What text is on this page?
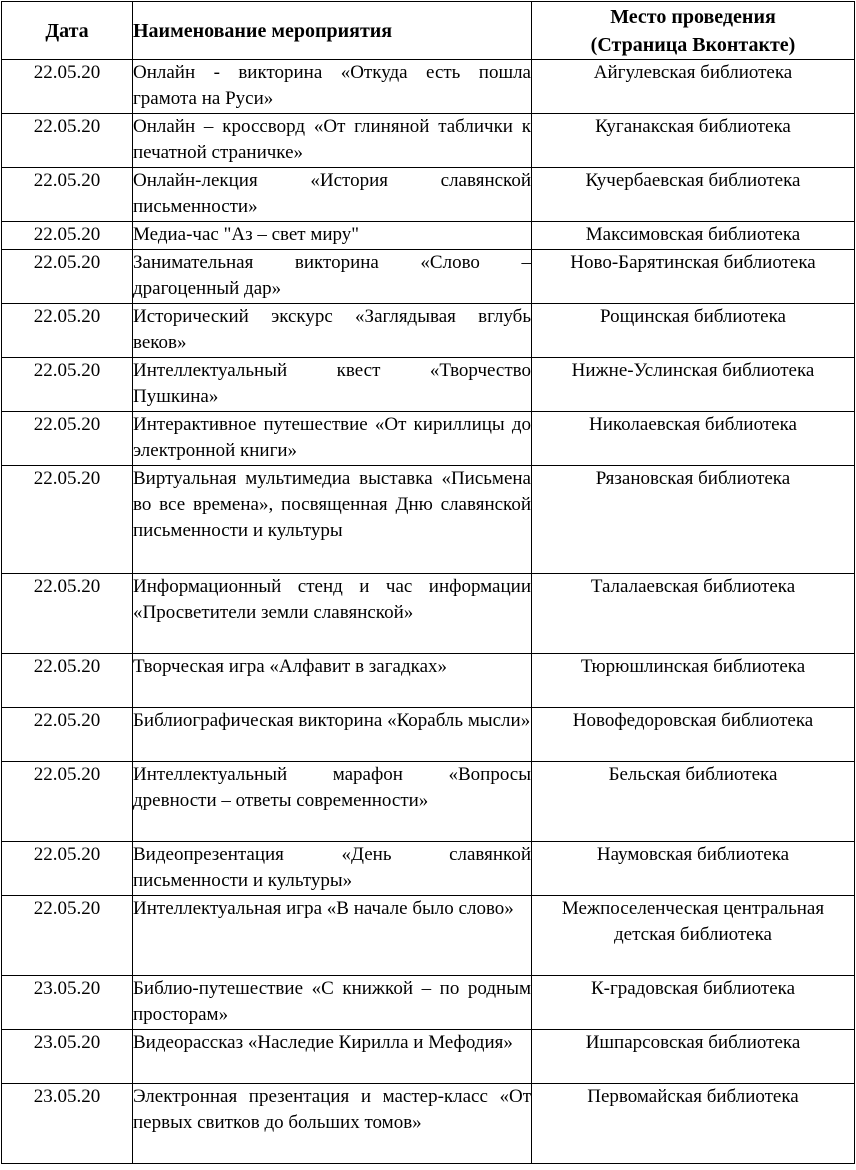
Дата	Наименование мероприятия	Место проведения
(Страница Вконтакте)
22.05.20	Онлайн - викторина «Откуда есть пошла грамота на Руси»	Айгулевская библиотека
22.05.20	Онлайн – кроссворд «От глиняной таблички к печатной страничке»	Куганакская библиотека
22.05.20	Онлайн-лекция «История славянской письменности»	Кучербаевская библиотека
22.05.20	Медиа-час "Аз – свет миру"	Максимовская библиотека
22.05.20	Занимательная викторина «Слово – драгоценный дар»	Ново-Барятинская библиотека
22.05.20	Исторический экскурс «Заглядывая вглубь веков»	Рощинская библиотека
22.05.20	Интеллектуальный квест «Творчество Пушкина»	Нижне-Услинская библиотека
22.05.20	Интерактивное путешествие «От кириллицы до электронной книги»	Николаевская библиотека
22.05.20	Виртуальная мультимедиа выставка «Письмена во все времена», посвященная Дню славянской письменности и культуры	Рязановская библиотека
22.05.20	Информационный стенд и час информации «Просветители земли славянской»	Талалаевская библиотека
22.05.20	Творческая игра «Алфавит в загадках»	Тюрюшлинская библиотека
22.05.20	Библиографическая викторина «Корабль мысли»	Новофедоровская библиотека
22.05.20	Интеллектуальный марафон «Вопросы древности – ответы современности»	Бельская библиотека
22.05.20	Видеопрезентация «День славянкой письменности и культуры»	Наумовская библиотека
22.05.20	Интеллектуальная игра «В начале было слово»	Межпоселенческая центральная детская библиотека
23.05.20	Библио-путешествие «С книжкой – по родным просторам»	К-градовская библиотека
23.05.20	Видеорассказ «Наследие Кирилла и Мефодия»	Ишпарсовская библиотека
23.05.20	Электронная презентация и мастер-класс «От первых свитков до больших томов»	Первомайская библиотека
